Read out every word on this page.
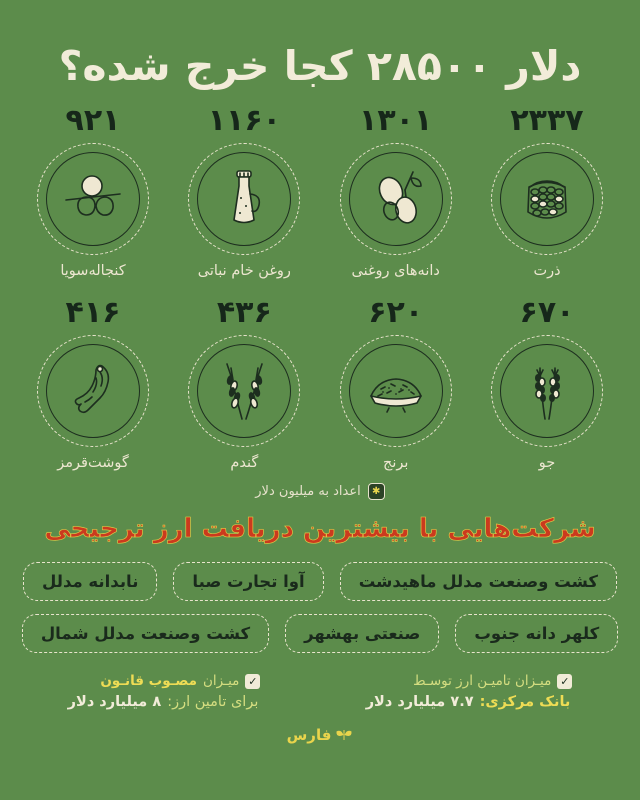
دلار ۲۸۵۰۰ کجا خرج شده؟
۲۳۳۷
ذرت
۱۳۰۱
دانه‌های روغنی
۱۱۶۰
روغن خام نباتی
۹۲۱
کنجاله‌سویا
۶۷۰
جو
۶۲۰
برنج
۴۳۶
گندم
۴۱۶
گوشت‌قرمز
✱
اعداد به میلیون دلار
شرکت‌هایی با بیشترین دریافت ارز ترجیحی
کشت وصنعت مدلل ماهیدشت
آوا تجارت صبا
نابدانه مدلل
کلهر دانه جنوب
صنعتی بهشهر
کشت وصنعت مدلل شمال
✓
میـزان تامیـن ارز توسـط
بانک مرکزی:
۷.۷ میلیارد دلار
✓
میـزان
مصـوب قانـون
برای تامین ارز:
۸ میلیارد دلار
فارس
